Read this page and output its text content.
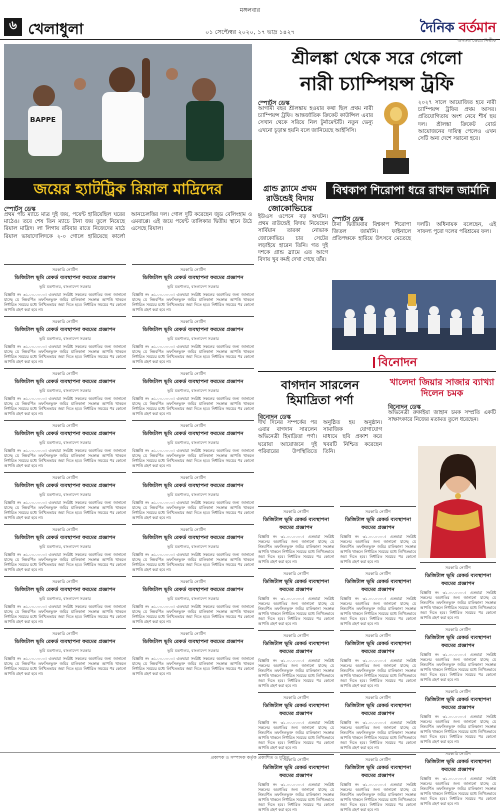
মঙ্গলবার
৬ খেলাধুলা	০১ সেপ্টেম্বর ২০২০, ১৭ ভাদ্র ১৪২৭	দৈনিক বর্তমান
অসঙ্গত ক্ষেত্রে নির্ভীক
BAPPE
জয়ের হ্যাটট্রিক রিয়াল মাদ্রিদের
স্পোর্টস ডেস্ক
প্রথম পাঁচ ম্যাচে মাত্র দুই জয়, পয়েন্ট হারিয়েছিল ঘরের মাঠেও। তবে শেষ তিন ম্যাচে টানা জয় তুলে নিয়েছে রিয়াল মাদ্রিদ। লা লিগায় রবিবার রাতে নিজেদের মাঠে রিয়াল ভায়াদোলিদকে ২-০ গোলে হারিয়েছে কার্লো আনচেলত্তির দল। গোল দুটি করেছেন জুড বেলিংহাম ও এমবাপ্পে। এই জয়ে পয়েন্ট তালিকার দ্বিতীয় স্থানে উঠে এসেছে রিয়াল।
শ্রীলঙ্কা থেকে সরে গেলো
নারী চ্যাম্পিয়ন্স ট্রফি
স্পোর্টস ডেস্ক
আগামী বছর শ্রীলঙ্কায় হওয়ার কথা ছিল প্রথম নারী চ্যাম্পিয়ন্স ট্রফি। আন্তর্জাতিক ক্রিকেট কাউন্সিল এবার সেখান থেকে সরিয়ে নিল টুর্নামেন্টটি। নতুন ভেন্যু এখনো চূড়ান্ত হয়নি বলে জানিয়েছে আইসিসি।
২০২৭ সালে আয়োজিত হবে নারী চ্যাম্পিয়ন্স ট্রফির প্রথম আসর। প্রতিযোগিতায় অংশ নেবে শীর্ষ ছয় দল। শ্রীলঙ্কা ক্রিকেট বোর্ড আয়োজনের দায়িত্ব পেলেও এখন সেটি অন্য দেশে সরানো হবে।
গ্রান্ড স্ল্যামে প্রথম রাউন্ডেই বিদায় জোকোভিচের
ইউএস ওপেনে বড় অঘটন। প্রথম রাউন্ডেই বিদায় নিয়েছেন সার্বিয়ান তারকা নোভাক জোকোভিচ। চার সেটের লড়াইয়ে হারেন তিনি। গত দুই দশকে গ্রান্ড স্ল্যামে এত আগে বিদায় খুব কমই দেখা গেছে তাঁর।
বিশ্বকাপ শিরোপা ধরে রাখল জার্মানি
স্পোর্টস ডেস্ক
টানা দ্বিতীয়বার বিশ্বকাপ শিরোপা জিতল জার্মানি। ফাইনালে প্রতিপক্ষকে হারিয়ে উৎসবে মেতেছে দলটি। অধিনায়ক বলেছেন, এই সাফল্য পুরো দলের পরিশ্রমের ফল।
সরকারি নোটিশ
ডিজিটাল ভূমি রেকর্ড ব্যবস্থাপনা ফরমের প্রজ্ঞাপন
ভূমি মন্ত্রণালয়, বাংলাদেশ সরকার
বিজ্ঞপ্তি নং ৩১.০০.০০০০। এতদ্বারা সংশ্লিষ্ট সকলের অবগতির জন্য জানানো যাচ্ছে যে নিম্নবর্ণিত তফসিলভুক্ত জমির মালিকানা সংক্রান্ত আপত্তি থাকলে নির্ধারিত সময়ের মধ্যে লিখিতভাবে জমা দিতে হবে। নির্ধারিত সময়ের পর কোনো আপত্তি গ্রহণ করা হবে না।
সরকারি নোটিশ
ডিজিটাল ভূমি রেকর্ড ব্যবস্থাপনা ফরমের প্রজ্ঞাপন
ভূমি মন্ত্রণালয়, বাংলাদেশ সরকার
বিজ্ঞপ্তি নং ৩১.০০.০০০০। এতদ্বারা সংশ্লিষ্ট সকলের অবগতির জন্য জানানো যাচ্ছে যে নিম্নবর্ণিত তফসিলভুক্ত জমির মালিকানা সংক্রান্ত আপত্তি থাকলে নির্ধারিত সময়ের মধ্যে লিখিতভাবে জমা দিতে হবে। নির্ধারিত সময়ের পর কোনো আপত্তি গ্রহণ করা হবে না।
সরকারি নোটিশ
ডিজিটাল ভূমি রেকর্ড ব্যবস্থাপনা ফরমের প্রজ্ঞাপন
ভূমি মন্ত্রণালয়, বাংলাদেশ সরকার
বিজ্ঞপ্তি নং ৩১.০০.০০০০। এতদ্বারা সংশ্লিষ্ট সকলের অবগতির জন্য জানানো যাচ্ছে যে নিম্নবর্ণিত তফসিলভুক্ত জমির মালিকানা সংক্রান্ত আপত্তি থাকলে নির্ধারিত সময়ের মধ্যে লিখিতভাবে জমা দিতে হবে। নির্ধারিত সময়ের পর কোনো আপত্তি গ্রহণ করা হবে না।
সরকারি নোটিশ
ডিজিটাল ভূমি রেকর্ড ব্যবস্থাপনা ফরমের প্রজ্ঞাপন
ভূমি মন্ত্রণালয়, বাংলাদেশ সরকার
বিজ্ঞপ্তি নং ৩১.০০.০০০০। এতদ্বারা সংশ্লিষ্ট সকলের অবগতির জন্য জানানো যাচ্ছে যে নিম্নবর্ণিত তফসিলভুক্ত জমির মালিকানা সংক্রান্ত আপত্তি থাকলে নির্ধারিত সময়ের মধ্যে লিখিতভাবে জমা দিতে হবে। নির্ধারিত সময়ের পর কোনো আপত্তি গ্রহণ করা হবে না।
সরকারি নোটিশ
ডিজিটাল ভূমি রেকর্ড ব্যবস্থাপনা ফরমের প্রজ্ঞাপন
ভূমি মন্ত্রণালয়, বাংলাদেশ সরকার
বিজ্ঞপ্তি নং ৩১.০০.০০০০। এতদ্বারা সংশ্লিষ্ট সকলের অবগতির জন্য জানানো যাচ্ছে যে নিম্নবর্ণিত তফসিলভুক্ত জমির মালিকানা সংক্রান্ত আপত্তি থাকলে নির্ধারিত সময়ের মধ্যে লিখিতভাবে জমা দিতে হবে। নির্ধারিত সময়ের পর কোনো আপত্তি গ্রহণ করা হবে না।
সরকারি নোটিশ
ডিজিটাল ভূমি রেকর্ড ব্যবস্থাপনা ফরমের প্রজ্ঞাপন
ভূমি মন্ত্রণালয়, বাংলাদেশ সরকার
বিজ্ঞপ্তি নং ৩১.০০.০০০০। এতদ্বারা সংশ্লিষ্ট সকলের অবগতির জন্য জানানো যাচ্ছে যে নিম্নবর্ণিত তফসিলভুক্ত জমির মালিকানা সংক্রান্ত আপত্তি থাকলে নির্ধারিত সময়ের মধ্যে লিখিতভাবে জমা দিতে হবে। নির্ধারিত সময়ের পর কোনো আপত্তি গ্রহণ করা হবে না।
সরকারি নোটিশ
ডিজিটাল ভূমি রেকর্ড ব্যবস্থাপনা ফরমের প্রজ্ঞাপন
ভূমি মন্ত্রণালয়, বাংলাদেশ সরকার
বিজ্ঞপ্তি নং ৩১.০০.০০০০। এতদ্বারা সংশ্লিষ্ট সকলের অবগতির জন্য জানানো যাচ্ছে যে নিম্নবর্ণিত তফসিলভুক্ত জমির মালিকানা সংক্রান্ত আপত্তি থাকলে নির্ধারিত সময়ের মধ্যে লিখিতভাবে জমা দিতে হবে। নির্ধারিত সময়ের পর কোনো আপত্তি গ্রহণ করা হবে না।
সরকারি নোটিশ
ডিজিটাল ভূমি রেকর্ড ব্যবস্থাপনা ফরমের প্রজ্ঞাপন
ভূমি মন্ত্রণালয়, বাংলাদেশ সরকার
বিজ্ঞপ্তি নং ৩১.০০.০০০০। এতদ্বারা সংশ্লিষ্ট সকলের অবগতির জন্য জানানো যাচ্ছে যে নিম্নবর্ণিত তফসিলভুক্ত জমির মালিকানা সংক্রান্ত আপত্তি থাকলে নির্ধারিত সময়ের মধ্যে লিখিতভাবে জমা দিতে হবে। নির্ধারিত সময়ের পর কোনো আপত্তি গ্রহণ করা হবে না।
সরকারি নোটিশ
ডিজিটাল ভূমি রেকর্ড ব্যবস্থাপনা ফরমের প্রজ্ঞাপন
ভূমি মন্ত্রণালয়, বাংলাদেশ সরকার
বিজ্ঞপ্তি নং ৩১.০০.০০০০। এতদ্বারা সংশ্লিষ্ট সকলের অবগতির জন্য জানানো যাচ্ছে যে নিম্নবর্ণিত তফসিলভুক্ত জমির মালিকানা সংক্রান্ত আপত্তি থাকলে নির্ধারিত সময়ের মধ্যে লিখিতভাবে জমা দিতে হবে। নির্ধারিত সময়ের পর কোনো আপত্তি গ্রহণ করা হবে না।
সরকারি নোটিশ
ডিজিটাল ভূমি রেকর্ড ব্যবস্থাপনা ফরমের প্রজ্ঞাপন
ভূমি মন্ত্রণালয়, বাংলাদেশ সরকার
বিজ্ঞপ্তি নং ৩১.০০.০০০০। এতদ্বারা সংশ্লিষ্ট সকলের অবগতির জন্য জানানো যাচ্ছে যে নিম্নবর্ণিত তফসিলভুক্ত জমির মালিকানা সংক্রান্ত আপত্তি থাকলে নির্ধারিত সময়ের মধ্যে লিখিতভাবে জমা দিতে হবে। নির্ধারিত সময়ের পর কোনো আপত্তি গ্রহণ করা হবে না।
সরকারি নোটিশ
ডিজিটাল ভূমি রেকর্ড ব্যবস্থাপনা ফরমের প্রজ্ঞাপন
ভূমি মন্ত্রণালয়, বাংলাদেশ সরকার
বিজ্ঞপ্তি নং ৩১.০০.০০০০। এতদ্বারা সংশ্লিষ্ট সকলের অবগতির জন্য জানানো যাচ্ছে যে নিম্নবর্ণিত তফসিলভুক্ত জমির মালিকানা সংক্রান্ত আপত্তি থাকলে নির্ধারিত সময়ের মধ্যে লিখিতভাবে জমা দিতে হবে। নির্ধারিত সময়ের পর কোনো আপত্তি গ্রহণ করা হবে না।
সরকারি নোটিশ
ডিজিটাল ভূমি রেকর্ড ব্যবস্থাপনা ফরমের প্রজ্ঞাপন
ভূমি মন্ত্রণালয়, বাংলাদেশ সরকার
বিজ্ঞপ্তি নং ৩১.০০.০০০০। এতদ্বারা সংশ্লিষ্ট সকলের অবগতির জন্য জানানো যাচ্ছে যে নিম্নবর্ণিত তফসিলভুক্ত জমির মালিকানা সংক্রান্ত আপত্তি থাকলে নির্ধারিত সময়ের মধ্যে লিখিতভাবে জমা দিতে হবে। নির্ধারিত সময়ের পর কোনো আপত্তি গ্রহণ করা হবে না।
সরকারি নোটিশ
ডিজিটাল ভূমি রেকর্ড ব্যবস্থাপনা ফরমের প্রজ্ঞাপন
ভূমি মন্ত্রণালয়, বাংলাদেশ সরকার
বিজ্ঞপ্তি নং ৩১.০০.০০০০। এতদ্বারা সংশ্লিষ্ট সকলের অবগতির জন্য জানানো যাচ্ছে যে নিম্নবর্ণিত তফসিলভুক্ত জমির মালিকানা সংক্রান্ত আপত্তি থাকলে নির্ধারিত সময়ের মধ্যে লিখিতভাবে জমা দিতে হবে। নির্ধারিত সময়ের পর কোনো আপত্তি গ্রহণ করা হবে না।
সরকারি নোটিশ
ডিজিটাল ভূমি রেকর্ড ব্যবস্থাপনা ফরমের প্রজ্ঞাপন
ভূমি মন্ত্রণালয়, বাংলাদেশ সরকার
বিজ্ঞপ্তি নং ৩১.০০.০০০০। এতদ্বারা সংশ্লিষ্ট সকলের অবগতির জন্য জানানো যাচ্ছে যে নিম্নবর্ণিত তফসিলভুক্ত জমির মালিকানা সংক্রান্ত আপত্তি থাকলে নির্ধারিত সময়ের মধ্যে লিখিতভাবে জমা দিতে হবে। নির্ধারিত সময়ের পর কোনো আপত্তি গ্রহণ করা হবে না।
সরকারি নোটিশ
ডিজিটাল ভূমি রেকর্ড ব্যবস্থাপনা ফরমের প্রজ্ঞাপন
ভূমি মন্ত্রণালয়, বাংলাদেশ সরকার
বিজ্ঞপ্তি নং ৩১.০০.০০০০। এতদ্বারা সংশ্লিষ্ট সকলের অবগতির জন্য জানানো যাচ্ছে যে নিম্নবর্ণিত তফসিলভুক্ত জমির মালিকানা সংক্রান্ত আপত্তি থাকলে নির্ধারিত সময়ের মধ্যে লিখিতভাবে জমা দিতে হবে। নির্ধারিত সময়ের পর কোনো আপত্তি গ্রহণ করা হবে না।
সরকারি নোটিশ
ডিজিটাল ভূমি রেকর্ড ব্যবস্থাপনা ফরমের প্রজ্ঞাপন
ভূমি মন্ত্রণালয়, বাংলাদেশ সরকার
বিজ্ঞপ্তি নং ৩১.০০.০০০০। এতদ্বারা সংশ্লিষ্ট সকলের অবগতির জন্য জানানো যাচ্ছে যে নিম্নবর্ণিত তফসিলভুক্ত জমির মালিকানা সংক্রান্ত আপত্তি থাকলে নির্ধারিত সময়ের মধ্যে লিখিতভাবে জমা দিতে হবে। নির্ধারিত সময়ের পর কোনো আপত্তি গ্রহণ করা হবে না।
বিনোদন
বাগদান সারলেন হিমাদ্রিতা পর্ণা
বিনোদন ডেস্ক
দীর্ঘ দিনের সম্পর্কের পর এবার বাগদান সারলেন অভিনেত্রী হিমাদ্রিতা পর্ণা। ঘরোয়া আয়োজনে দুই পরিবারের উপস্থিতিতে অনুষ্ঠিত হয় অনুষ্ঠান। সামাজিক যোগাযোগ মাধ্যমে ছবি প্রকাশ করে খবরটি নিশ্চিত করেছেন তিনি।
খালেদা জিয়ার সাজার ব্যাখ্যা দিলেন চমক
বিনোদন ডেস্ক
অভিনেত্রী রুকাইয়া জাহান চমক সম্প্রতি একটি সাক্ষাৎকারে নিজের মতামত তুলে ধরেছেন।
সরকারি নোটিশ
ডিজিটাল ভূমি রেকর্ড ব্যবস্থাপনা ফরমের প্রজ্ঞাপন
বিজ্ঞপ্তি নং ৩১.০০.০০০০। এতদ্বারা সংশ্লিষ্ট সকলের অবগতির জন্য জানানো যাচ্ছে যে নিম্নবর্ণিত তফসিলভুক্ত জমির মালিকানা সংক্রান্ত আপত্তি থাকলে নির্ধারিত সময়ের মধ্যে লিখিতভাবে জমা দিতে হবে। নির্ধারিত সময়ের পর কোনো আপত্তি গ্রহণ করা হবে না।
সরকারি নোটিশ
ডিজিটাল ভূমি রেকর্ড ব্যবস্থাপনা ফরমের প্রজ্ঞাপন
বিজ্ঞপ্তি নং ৩১.০০.০০০০। এতদ্বারা সংশ্লিষ্ট সকলের অবগতির জন্য জানানো যাচ্ছে যে নিম্নবর্ণিত তফসিলভুক্ত জমির মালিকানা সংক্রান্ত আপত্তি থাকলে নির্ধারিত সময়ের মধ্যে লিখিতভাবে জমা দিতে হবে। নির্ধারিত সময়ের পর কোনো আপত্তি গ্রহণ করা হবে না।
সরকারি নোটিশ
ডিজিটাল ভূমি রেকর্ড ব্যবস্থাপনা ফরমের প্রজ্ঞাপন
বিজ্ঞপ্তি নং ৩১.০০.০০০০। এতদ্বারা সংশ্লিষ্ট সকলের অবগতির জন্য জানানো যাচ্ছে যে নিম্নবর্ণিত তফসিলভুক্ত জমির মালিকানা সংক্রান্ত আপত্তি থাকলে নির্ধারিত সময়ের মধ্যে লিখিতভাবে জমা দিতে হবে। নির্ধারিত সময়ের পর কোনো আপত্তি গ্রহণ করা হবে না।
সরকারি নোটিশ
ডিজিটাল ভূমি রেকর্ড ব্যবস্থাপনা ফরমের প্রজ্ঞাপন
বিজ্ঞপ্তি নং ৩১.০০.০০০০। এতদ্বারা সংশ্লিষ্ট সকলের অবগতির জন্য জানানো যাচ্ছে যে নিম্নবর্ণিত তফসিলভুক্ত জমির মালিকানা সংক্রান্ত আপত্তি থাকলে নির্ধারিত সময়ের মধ্যে লিখিতভাবে জমা দিতে হবে। নির্ধারিত সময়ের পর কোনো আপত্তি গ্রহণ করা হবে না।
সরকারি নোটিশ
ডিজিটাল ভূমি রেকর্ড ব্যবস্থাপনা ফরমের প্রজ্ঞাপন
বিজ্ঞপ্তি নং ৩১.০০.০০০০। এতদ্বারা সংশ্লিষ্ট সকলের অবগতির জন্য জানানো যাচ্ছে যে নিম্নবর্ণিত তফসিলভুক্ত জমির মালিকানা সংক্রান্ত আপত্তি থাকলে নির্ধারিত সময়ের মধ্যে লিখিতভাবে জমা দিতে হবে। নির্ধারিত সময়ের পর কোনো আপত্তি গ্রহণ করা হবে না।
সরকারি নোটিশ
ডিজিটাল ভূমি রেকর্ড ব্যবস্থাপনা ফরমের প্রজ্ঞাপন
বিজ্ঞপ্তি নং ৩১.০০.০০০০। এতদ্বারা সংশ্লিষ্ট সকলের অবগতির জন্য জানানো যাচ্ছে যে নিম্নবর্ণিত তফসিলভুক্ত জমির মালিকানা সংক্রান্ত আপত্তি থাকলে নির্ধারিত সময়ের মধ্যে লিখিতভাবে জমা দিতে হবে। নির্ধারিত সময়ের পর কোনো আপত্তি গ্রহণ করা হবে না।
সরকারি নোটিশ
ডিজিটাল ভূমি রেকর্ড ব্যবস্থাপনা ফরমের প্রজ্ঞাপন
বিজ্ঞপ্তি নং ৩১.০০.০০০০। এতদ্বারা সংশ্লিষ্ট সকলের অবগতির জন্য জানানো যাচ্ছে যে নিম্নবর্ণিত তফসিলভুক্ত জমির মালিকানা সংক্রান্ত আপত্তি থাকলে নির্ধারিত সময়ের মধ্যে লিখিতভাবে জমা দিতে হবে। নির্ধারিত সময়ের পর কোনো আপত্তি গ্রহণ করা হবে না।
সরকারি নোটিশ
ডিজিটাল ভূমি রেকর্ড ব্যবস্থাপনা ফরমের প্রজ্ঞাপন
বিজ্ঞপ্তি নং ৩১.০০.০০০০। এতদ্বারা সংশ্লিষ্ট সকলের অবগতির জন্য জানানো যাচ্ছে যে নিম্নবর্ণিত তফসিলভুক্ত জমির মালিকানা সংক্রান্ত আপত্তি থাকলে নির্ধারিত সময়ের মধ্যে লিখিতভাবে জমা দিতে হবে। নির্ধারিত সময়ের পর কোনো আপত্তি গ্রহণ করা হবে না।
সরকারি নোটিশ
ডিজিটাল ভূমি রেকর্ড ব্যবস্থাপনা ফরমের প্রজ্ঞাপন
বিজ্ঞপ্তি নং ৩১.০০.০০০০। এতদ্বারা সংশ্লিষ্ট সকলের অবগতির জন্য জানানো যাচ্ছে যে নিম্নবর্ণিত তফসিলভুক্ত জমির মালিকানা সংক্রান্ত আপত্তি থাকলে নির্ধারিত সময়ের মধ্যে লিখিতভাবে জমা দিতে হবে। নির্ধারিত সময়ের পর কোনো আপত্তি গ্রহণ করা হবে না।
সরকারি নোটিশ
ডিজিটাল ভূমি রেকর্ড ব্যবস্থাপনা ফরমের প্রজ্ঞাপন
বিজ্ঞপ্তি নং ৩১.০০.০০০০। এতদ্বারা সংশ্লিষ্ট সকলের অবগতির জন্য জানানো যাচ্ছে যে নিম্নবর্ণিত তফসিলভুক্ত জমির মালিকানা সংক্রান্ত আপত্তি থাকলে নির্ধারিত সময়ের মধ্যে লিখিতভাবে জমা দিতে হবে। নির্ধারিত সময়ের পর কোনো আপত্তি গ্রহণ করা হবে না।
সরকারি নোটিশ
ডিজিটাল ভূমি রেকর্ড ব্যবস্থাপনা ফরমের প্রজ্ঞাপন
বিজ্ঞপ্তি নং ৩১.০০.০০০০। এতদ্বারা সংশ্লিষ্ট সকলের অবগতির জন্য জানানো যাচ্ছে যে নিম্নবর্ণিত তফসিলভুক্ত জমির মালিকানা সংক্রান্ত আপত্তি থাকলে নির্ধারিত সময়ের মধ্যে লিখিতভাবে জমা দিতে হবে। নির্ধারিত সময়ের পর কোনো আপত্তি গ্রহণ করা হবে না।
সরকারি নোটিশ
ডিজিটাল ভূমি রেকর্ড ব্যবস্থাপনা ফরমের প্রজ্ঞাপন
বিজ্ঞপ্তি নং ৩১.০০.০০০০। এতদ্বারা সংশ্লিষ্ট সকলের অবগতির জন্য জানানো যাচ্ছে যে নিম্নবর্ণিত তফসিলভুক্ত জমির মালিকানা সংক্রান্ত আপত্তি থাকলে নির্ধারিত সময়ের মধ্যে লিখিতভাবে জমা দিতে হবে। নির্ধারিত সময়ের পর কোনো আপত্তি গ্রহণ করা হবে না।
সরকারি নোটিশ
ডিজিটাল ভূমি রেকর্ড ব্যবস্থাপনা ফরমের প্রজ্ঞাপন
বিজ্ঞপ্তি নং ৩১.০০.০০০০। এতদ্বারা সংশ্লিষ্ট সকলের অবগতির জন্য জানানো যাচ্ছে যে নিম্নবর্ণিত তফসিলভুক্ত জমির মালিকানা সংক্রান্ত আপত্তি থাকলে নির্ধারিত সময়ের মধ্যে লিখিতভাবে জমা দিতে হবে। নির্ধারিত সময়ের পর কোনো আপত্তি গ্রহণ করা হবে না।
সরকারি নোটিশ
ডিজিটাল ভূমি রেকর্ড ব্যবস্থাপনা ফরমের প্রজ্ঞাপন
বিজ্ঞপ্তি নং ৩১.০০.০০০০। এতদ্বারা সংশ্লিষ্ট সকলের অবগতির জন্য জানানো যাচ্ছে যে নিম্নবর্ণিত তফসিলভুক্ত জমির মালিকানা সংক্রান্ত আপত্তি থাকলে নির্ধারিত সময়ের মধ্যে লিখিতভাবে জমা দিতে হবে। নির্ধারিত সময়ের পর কোনো আপত্তি গ্রহণ করা হবে না।
প্রকাশক ও সম্পাদক কর্তৃক প্রকাশিত ও মুদ্রিত
